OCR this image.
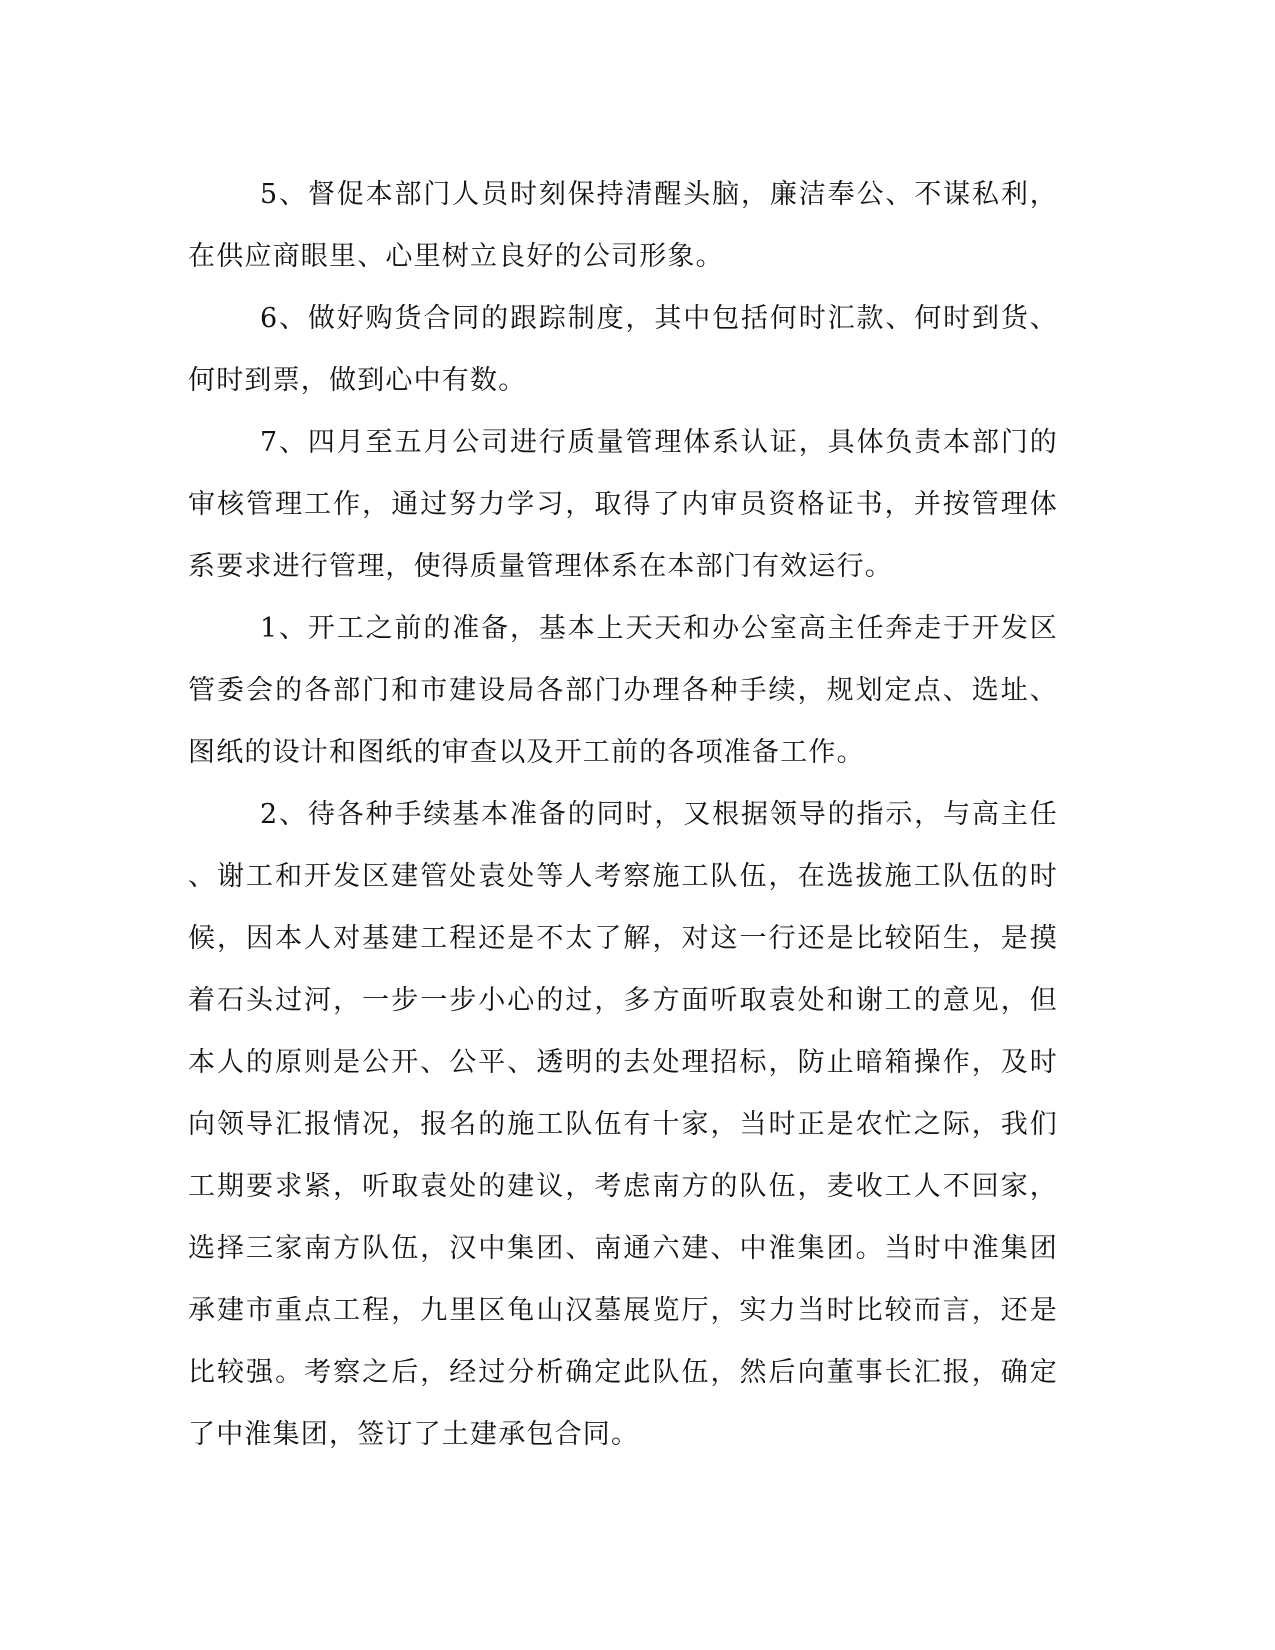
5、督促本部门人员时刻保持清醒头脑，廉洁奉公、不谋私利，在供应商眼里、心里树立良好的公司形象。

6、做好购货合同的跟踪制度，其中包括何时汇款、何时到货、何时到票，做到心中有数。

7、四月至五月公司进行质量管理体系认证，具体负责本部门的审核管理工作，通过努力学习，取得了内审员资格证书，并按管理体系要求进行管理，使得质量管理体系在本部门有效运行。

1、开工之前的准备，基本上天天和办公室高主任奔走于开发区管委会的各部门和市建设局各部门办理各种手续，规划定点、选址、图纸的设计和图纸的审查以及开工前的各项准备工作。

2、待各种手续基本准备的同时，又根据领导的指示，与高主任、谢工和开发区建管处袁处等人考察施工队伍，在选拔施工队伍的时候，因本人对基建工程还是不太了解，对这一行还是比较陌生，是摸着石头过河，一步一步小心的过，多方面听取袁处和谢工的意见，但本人的原则是公开、公平、透明的去处理招标，防止暗箱操作，及时向领导汇报情况，报名的施工队伍有十家，当时正是农忙之际，我们工期要求紧，听取袁处的建议，考虑南方的队伍，麦收工人不回家，选择三家南方队伍，汉中集团、南通六建、中淮集团。当时中淮集团承建市重点工程，九里区龟山汉墓展览厅，实力当时比较而言，还是比较强。考察之后，经过分析确定此队伍，然后向董事长汇报，确定了中淮集团，签订了土建承包合同。
